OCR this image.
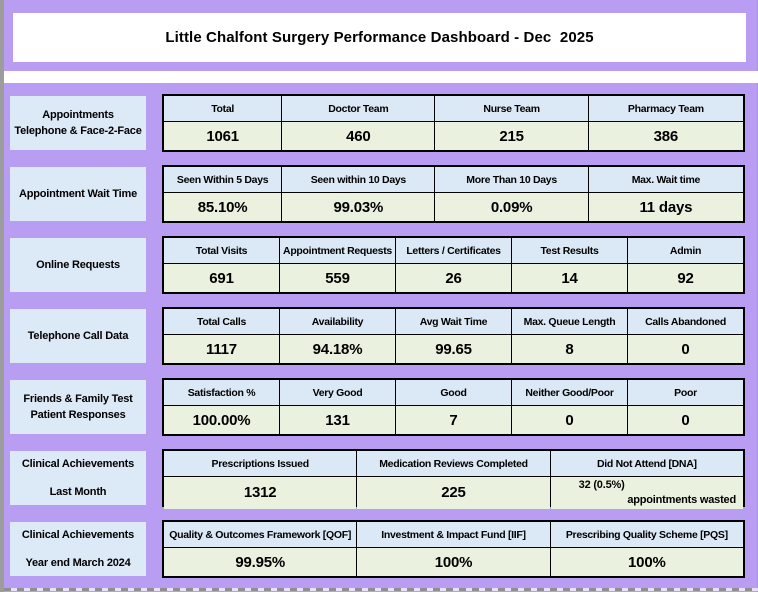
Little Chalfont Surgery Performance Dashboard - Dec  2025
Appointments
Telephone & Face-2-Face
Total	Doctor Team	Nurse Team	Pharmacy Team
1061	460	215	386
Appointment Wait Time
Seen Within 5 Days	Seen within 10 Days	More Than 10 Days	Max. Wait time
85.10%	99.03%	0.09%	11 days
Online Requests
Total Visits	Appointment Requests	Letters / Certificates	Test Results	Admin
691	559	26	14	92
Telephone Call Data
Total Calls	Availability	Avg Wait Time	Max. Queue Length	Calls Abandoned
1117	94.18%	99.65	8	0
Friends & Family Test
Patient Responses
Satisfaction %	Very Good	Good	Neither Good/Poor	Poor
100.00%	131	7	0	0
Clinical Achievements
Last Month
Prescriptions Issued	Medication Reviews Completed	Did Not Attend [DNA]
1312	225	32 (0.5%)
appointments wasted
Clinical Achievements
Year end March 2024
Quality & Outcomes Framework [QOF]	Investment & Impact Fund [IIF]	Prescribing Quality Scheme [PQS]
99.95%	100%	100%
